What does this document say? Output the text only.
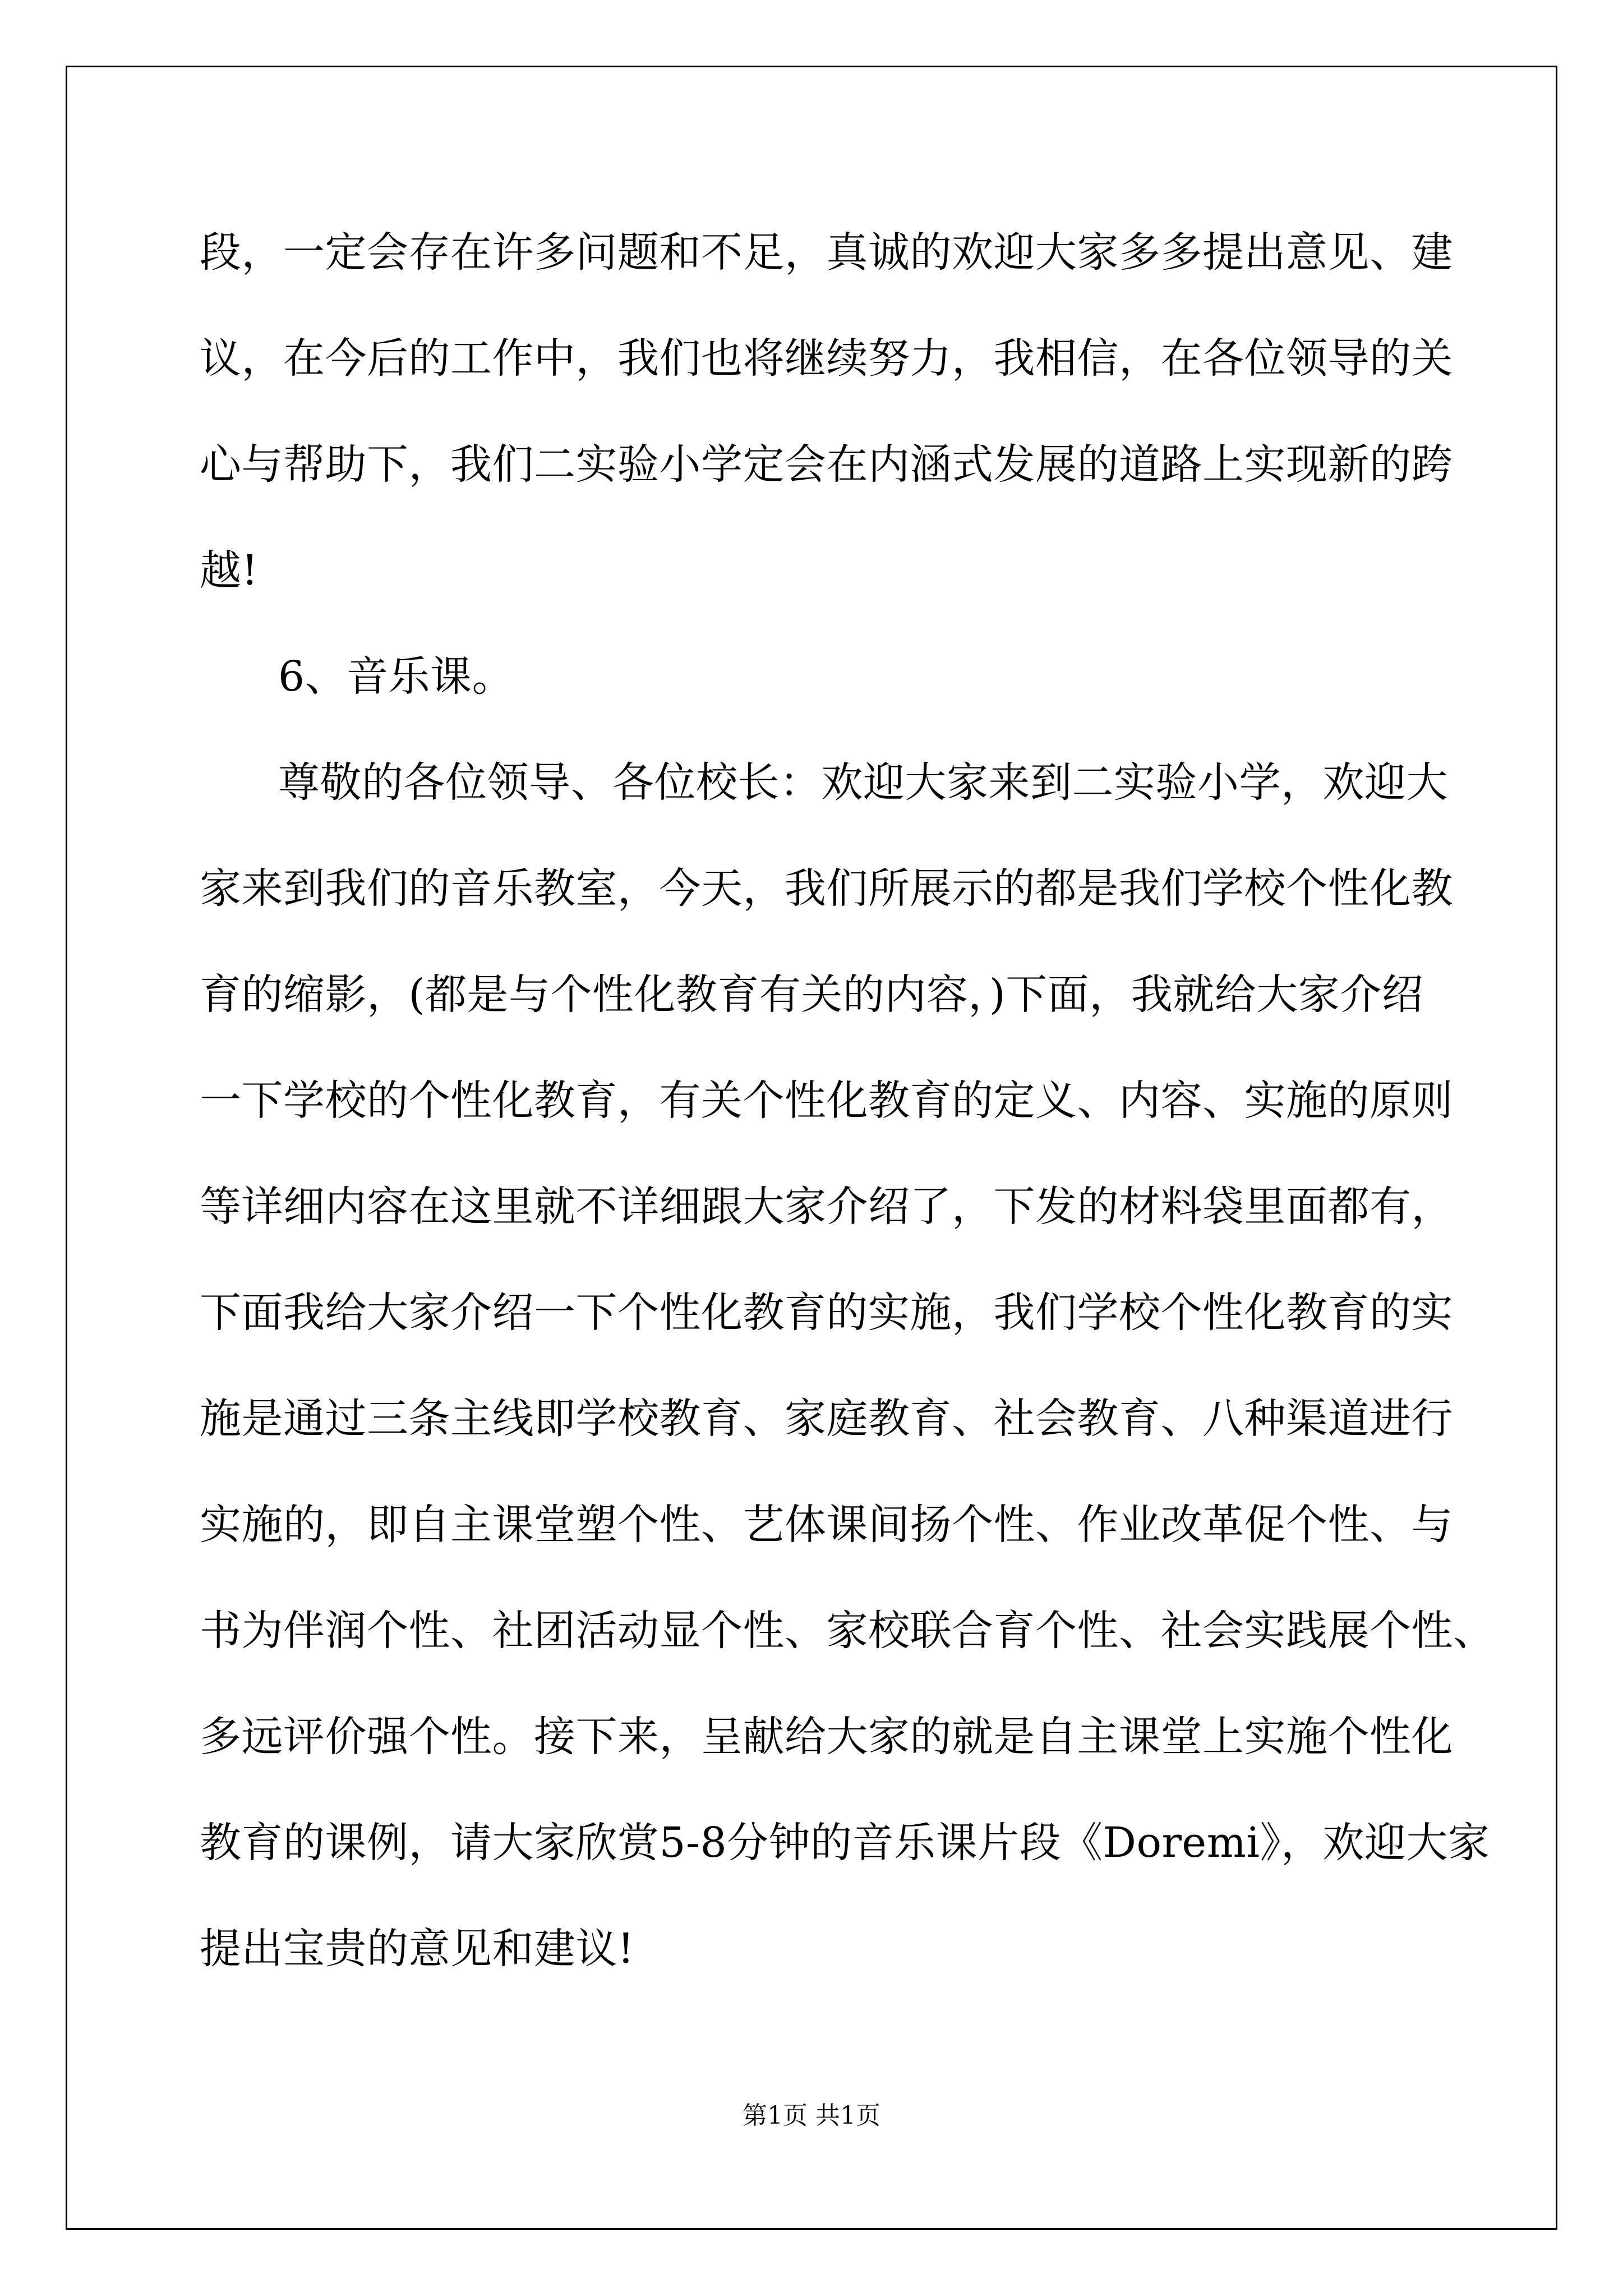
段，一定会存在许多问题和不足，真诚的欢迎大家多多提出意见、建
议，在今后的工作中，我们也将继续努力，我相信，在各位领导的关
心与帮助下，我们二实验小学定会在内涵式发展的道路上实现新的跨
越!
6、音乐课。
尊敬的各位领导、各位校长：欢迎大家来到二实验小学，欢迎大
家来到我们的音乐教室，今天，我们所展示的都是我们学校个性化教
育的缩影，(都是与个性化教育有关的内容，)下面，我就给大家介绍
一下学校的个性化教育，有关个性化教育的定义、内容、实施的原则
等详细内容在这里就不详细跟大家介绍了，下发的材料袋里面都有，
下面我给大家介绍一下个性化教育的实施，我们学校个性化教育的实
施是通过三条主线即学校教育、家庭教育、社会教育、八种渠道进行
实施的，即自主课堂塑个性、艺体课间扬个性、作业改革促个性、与
书为伴润个性、社团活动显个性、家校联合育个性、社会实践展个性、
多远评价强个性。接下来，呈献给大家的就是自主课堂上实施个性化
教育的课例，请大家欣赏5-8分钟的音乐课片段《Doremi》，欢迎大家
提出宝贵的意见和建议!
第1页 共1页
